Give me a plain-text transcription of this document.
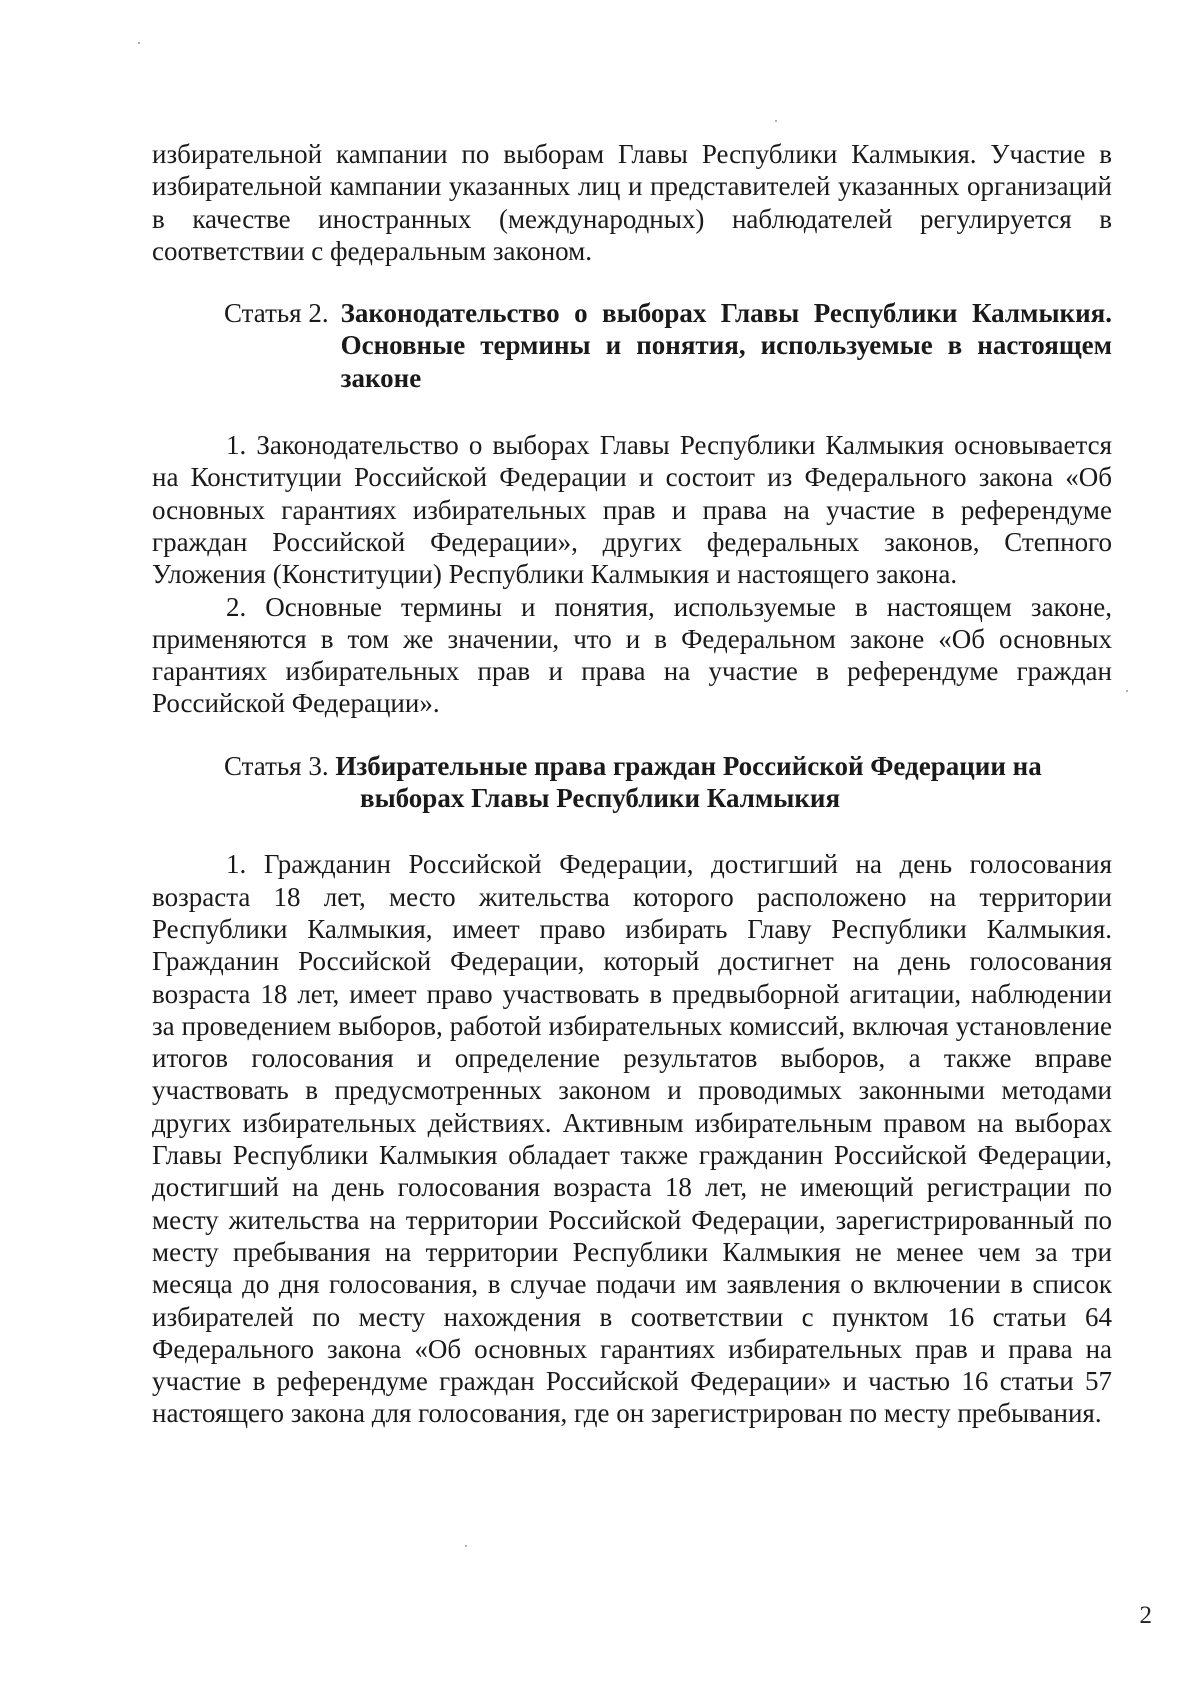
избирательной кампании по выборам Главы Республики Калмыкия. Участие в избирательной кампании указанных лиц и представителей указанных организаций в качестве иностранных (международных) наблюдателей регулируется в соответствии с федеральным законом.

Статья 2. Законодательство о выборах Главы Республики Калмыкия. Основные термины и понятия, используемые в настоящем законе

1. Законодательство о выборах Главы Республики Калмыкия основывается на Конституции Российской Федерации и состоит из Федерального закона «Об основных гарантиях избирательных прав и права на участие в референдуме граждан Российской Федерации», других федеральных законов, Степного Уложения (Конституции) Республики Калмыкия и настоящего закона.

2. Основные термины и понятия, используемые в настоящем законе, применяются в том же значении, что и в Федеральном законе «Об основных гарантиях избирательных прав и права на участие в референдуме граждан Российской Федерации».

Статья 3. Избирательные права граждан Российской Федерации на
выборах Главы Республики Калмыкия

1. Гражданин Российской Федерации, достигший на день голосования возраста 18 лет, место жительства которого расположено на территории Республики Калмыкия, имеет право избирать Главу Республики Калмыкия. Гражданин Российской Федерации, который достигнет на день голосования возраста 18 лет, имеет право участвовать в предвыборной агитации, наблюдении за проведением выборов, работой избирательных комиссий, включая установление итогов голосования и определение результатов выборов, а также вправе участвовать в предусмотренных законом и проводимых законными методами других избирательных действиях. Активным избирательным правом на выборах Главы Республики Калмыкия обладает также гражданин Российской Федерации, достигший на день голосования возраста 18 лет, не имеющий регистрации по месту жительства на территории Российской Федерации, зарегистрированный по месту пребывания на территории Республики Калмыкия не менее чем за три месяца до дня голосования, в случае подачи им заявления о включении в список избирателей по месту нахождения в соответствии с пунктом 16 статьи 64 Федерального закона «Об основных гарантиях избирательных прав и права на участие в референдуме граждан Российской Федерации» и частью 16 статьи 57 настоящего закона для голосования, где он зарегистрирован по месту пребывания.

2
